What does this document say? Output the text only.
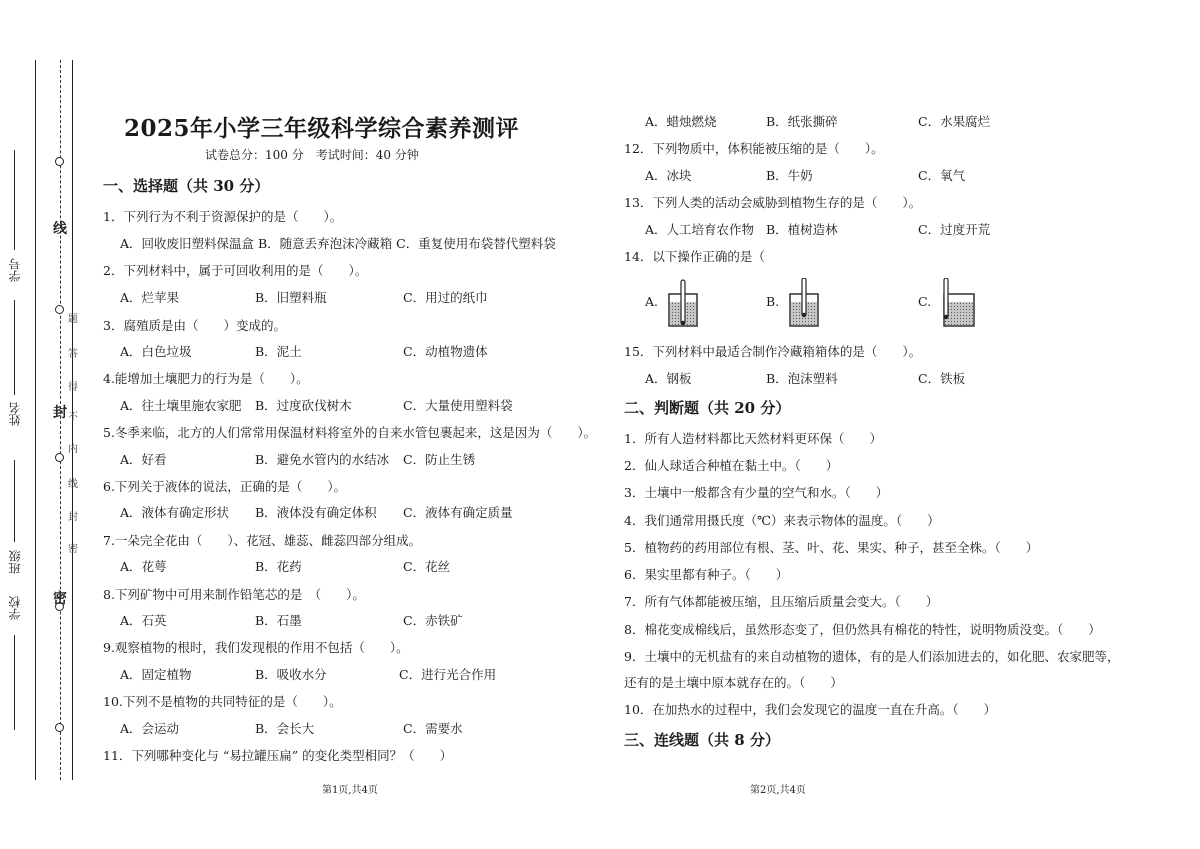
线
封
密
题
答
得
不
内
线
封
密
学号
姓名
班级
学校
2025年小学三年级科学综合素养测评
试卷总分：100 分　考试时间：40 分钟
一、选择题（共 30 分）
1．下列行为不利于资源保护的是（　　）。
A．回收废旧塑料保温盒 B．随意丢弃泡沫冷藏箱 C．重复使用布袋替代塑料袋
2．下列材料中，属于可回收利用的是（　　）。
A．烂苹果	B．旧塑料瓶	C．用过的纸巾
3．腐殖质是由（　　）变成的。
A．白色垃圾	B．泥土	C．动植物遗体
4.能增加土壤肥力的行为是（　　）。
A．往土壤里施农家肥 B．过度砍伐树木	C．大量使用塑料袋
5.冬季来临，北方的人们常常用保温材料将室外的自来水管包裹起来，这是因为（　　）。
A．好看	B．避免水管内的水结冰 C．防止生锈
6.下列关于液体的说法，正确的是（　　）。
A．液体有确定形状 B．液体没有确定体积 C．液体有确定质量
7.一朵完全花由（　　）、花冠、雄蕊、雌蕊四部分组成。
A．花萼	B．花药	C．花丝
8.下列矿物中可用来制作铅笔芯的是　（　　）。
A．石英	B．石墨	C．赤铁矿
9.观察植物的根时，我们发现根的作用不包括（　　）。
A．固定植物	B．吸收水分	C．进行光合作用
10.下列不是植物的共同特征的是（　　）。
A．会运动	B．会长大	C．需要水
11．下列哪种变化与 “易拉罐压扁” 的变化类型相同？（　　）
第1页,共4页
A．蜡烛燃烧	B．纸张撕碎	C．水果腐烂
12．下列物质中，体积能被压缩的是（　　）。
A．冰块	B．牛奶	C．氧气
13．下列人类的活动会威胁到植物生存的是（　　）。
A．人工培育农作物 B．植树造林	C．过度开荒
14．以下操作正确的是（　　
A.	B.	C.
15．下列材料中最适合制作冷藏箱箱体的是（　　）。
A．钢板	B．泡沫塑料	C．铁板
二、判断题（共 20 分）
1．所有人造材料都比天然材料更环保（　　）
2．仙人球适合种植在黏土中。（　　）
3．土壤中一般都含有少量的空气和水。（　　）
4．我们通常用摄氏度（℃）来表示物体的温度。（　　）
5．植物药的药用部位有根、茎、叶、花、果实、种子，甚至全株。（　　）
6．果实里都有种子。（　　）
7．所有气体都能被压缩，且压缩后质量会变大。（　　）
8．棉花变成棉线后，虽然形态变了，但仍然具有棉花的特性，说明物质没变。（　　）
9．土壤中的无机盐有的来自动植物的遗体，有的是人们添加进去的，如化肥、农家肥等，
还有的是土壤中原本就存在的。（　　）
10．在加热水的过程中，我们会发现它的温度一直在升高。（　　）
三、连线题（共 8 分）
第2页,共4页
